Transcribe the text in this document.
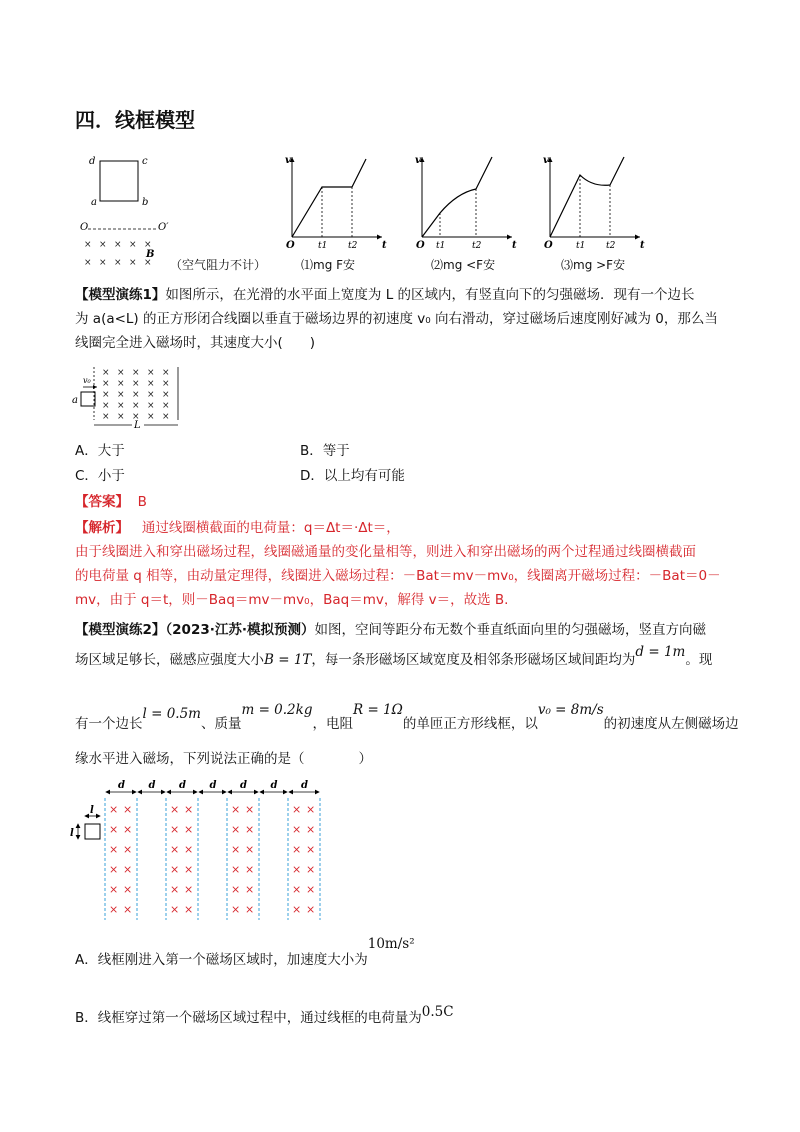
四．线框模型
d	c
a	b
O	O′
× × × × ×
× × × × ×
B
（空气阻力不计）
v
t
O	t1 t2
⑴mg F安
v
t
O t1	t2
⑵mg <F安
v
t
O	t1 t2
⑶mg >F安
【模型演练1】如图所示，在光滑的水平面上宽度为 L 的区域内，有竖直向下的匀强磁场．现有一个边长
为 a(a<L) 的正方形闭合线圈以垂直于磁场边界的初速度 v₀ 向右滑动，穿过磁场后速度刚好减为 0，那么当
线圈完全进入磁场时，其速度大小(　　)
a
v₀
× × × × ×
× × × × ×
× × × × ×
× × × × ×
× × × × ×
L
A．大于	B．等于
C．小于	D．以上均有可能
【答案】 B
【解析】 通过线圈横截面的电荷量：q＝Δt＝·Δt＝，
由于线圈进入和穿出磁场过程，线圈磁通量的变化量相等，则进入和穿出磁场的两个过程通过线圈横截面
的电荷量 q 相等，由动量定理得，线圈进入磁场过程：－Bat＝mv－mv₀，线圈离开磁场过程：－Bat＝0－
mv，由于 q＝t，则－Baq＝mv－mv₀，Baq＝mv，解得 v＝，故选 B.
【模型演练2】（2023·江苏·模拟预测）如图，空间等距分布无数个垂直纸面向里的匀强磁场，竖直方向磁
场区域足够长，磁感应强度大小B = 1T，每一条形磁场区域宽度及相邻条形磁场区域间距均为d = 1m。现
有一个边长l = 0.5m、质量m = 0.2kg，电阻R = 1Ω的单匝正方形线框，以v₀ = 8m/s的初速度从左侧磁场边
缘水平进入磁场，下列说法正确的是（　　　　）
× ×
× ×
× ×
× ×
× ×
× ×
× ×
× ×
× ×
× ×
× ×
× ×
× ×
× ×
× ×
× ×
× ×
× ×
× ×
× ×
× ×
× ×
× ×
× ×
d d d d d d d
l
l
A．线框刚进入第一个磁场区域时，加速度大小为10m/s²
B．线框穿过第一个磁场区域过程中，通过线框的电荷量为0.5C
